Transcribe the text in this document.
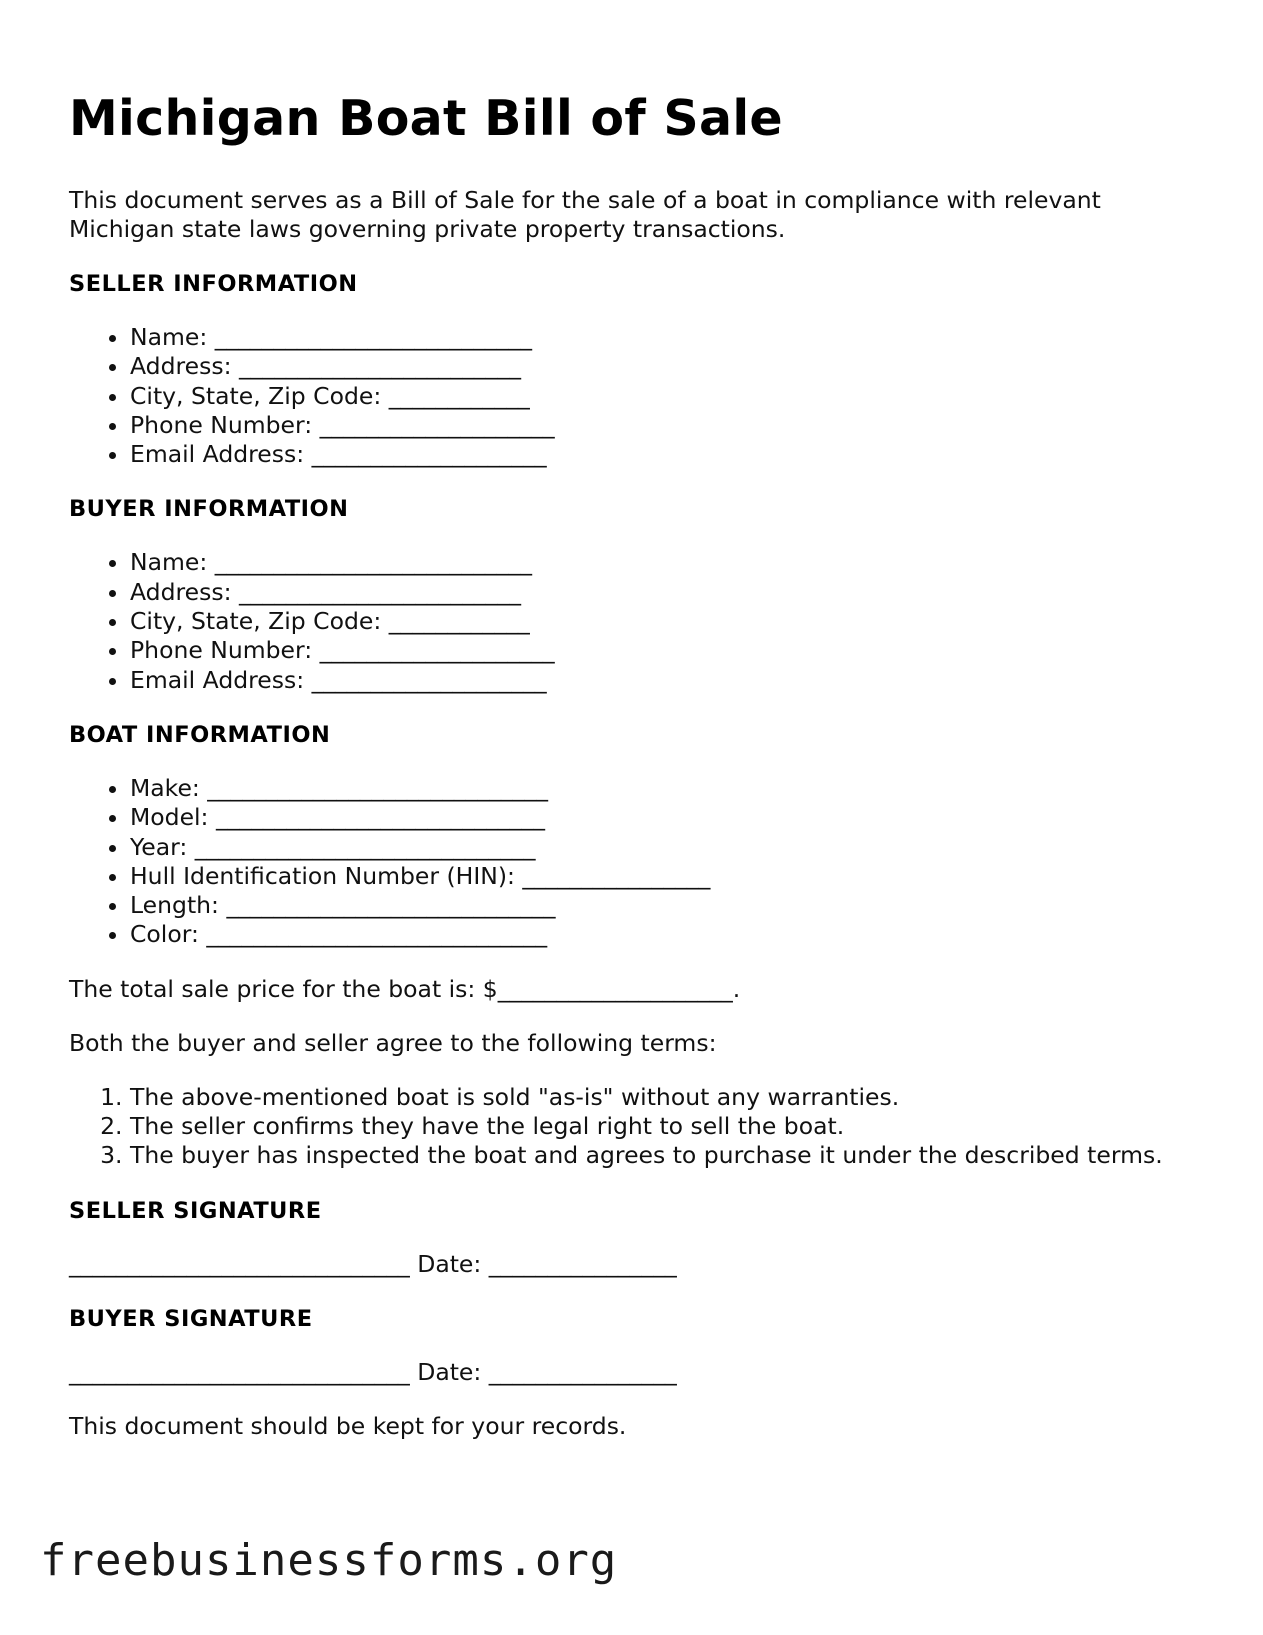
Michigan Boat Bill of Sale

This document serves as a Bill of Sale for the sale of a boat in compliance with relevant Michigan state laws governing private property transactions.

SELLER INFORMATION
• Name: ___________________________
• Address: ________________________
• City, State, Zip Code: ____________
• Phone Number: ____________________
• Email Address: ____________________
BUYER INFORMATION
• Name: ___________________________
• Address: ________________________
• City, State, Zip Code: ____________
• Phone Number: ____________________
• Email Address: ____________________
BOAT INFORMATION
• Make: _____________________________
• Model: ____________________________
• Year: _____________________________
• Hull Identification Number (HIN): ________________
• Length: ____________________________
• Color: _____________________________

The total sale price for the boat is: $____________________.

Both the buyer and seller agree to the following terms:

1. The above-mentioned boat is sold "as-is" without any warranties.
2. The seller confirms they have the legal right to sell the boat.
3. The buyer has inspected the boat and agrees to purchase it under the described terms.
SELLER SIGNATURE

_____________________________ Date: ________________

BUYER SIGNATURE

_____________________________ Date: ________________

This document should be kept for your records.

freebusinessforms.org
